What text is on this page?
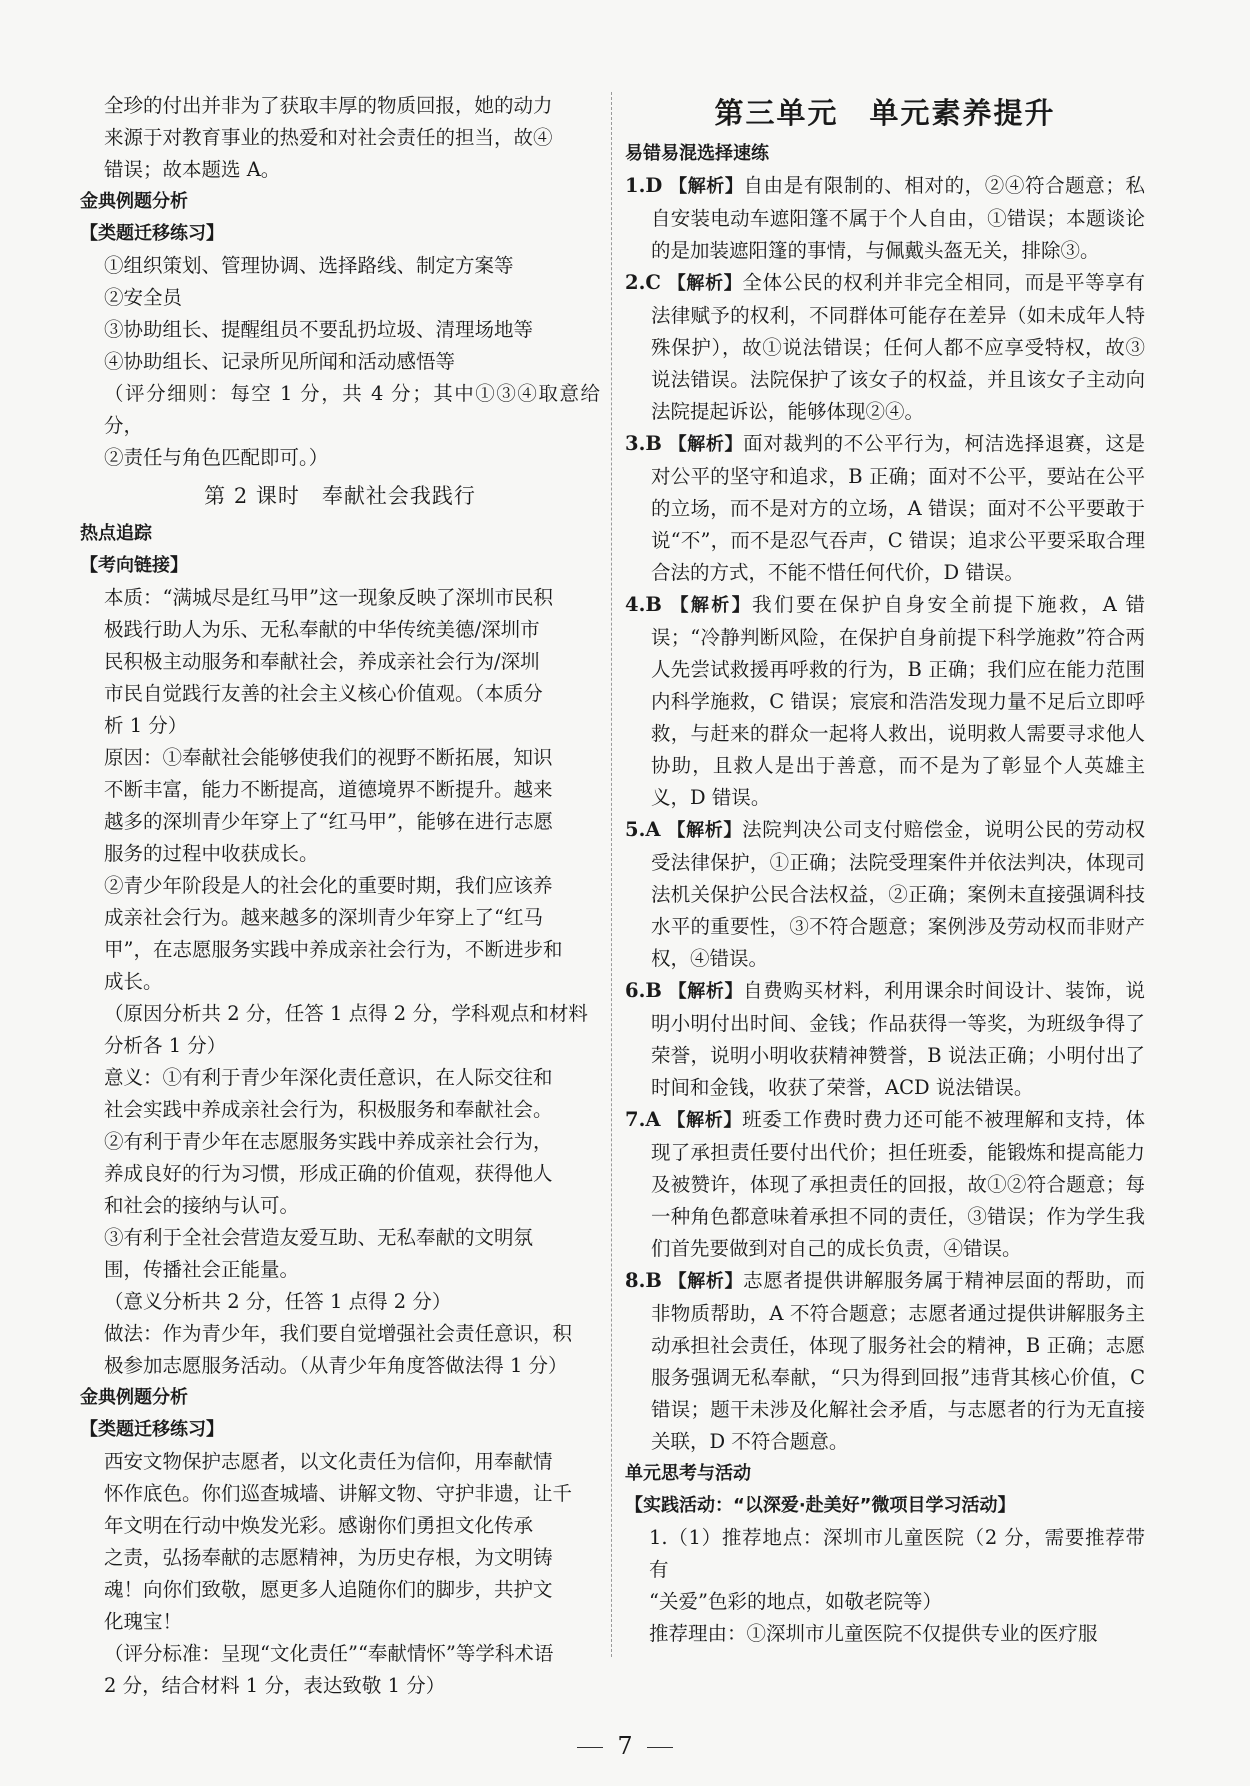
全珍的付出并非为了获取丰厚的物质回报，她的动力

来源于对教育事业的热爱和对社会责任的担当，故④

错误；故本题选 A。

金典例题分析

【类题迁移练习】

①组织策划、管理协调、选择路线、制定方案等

②安全员

③协助组长、提醒组员不要乱扔垃圾、清理场地等

④协助组长、记录所见所闻和活动感悟等

（评分细则：每空 1 分，共 4 分；其中①③④取意给分，

②责任与角色匹配即可。）

第 2 课时　奉献社会我践行

热点追踪

【考向链接】

本质：“满城尽是红马甲”这一现象反映了深圳市民积

极践行助人为乐、无私奉献的中华传统美德/深圳市

民积极主动服务和奉献社会，养成亲社会行为/深圳

市民自觉践行友善的社会主义核心价值观。（本质分

析 1 分）

原因：①奉献社会能够使我们的视野不断拓展，知识

不断丰富，能力不断提高，道德境界不断提升。越来

越多的深圳青少年穿上了“红马甲”，能够在进行志愿

服务的过程中收获成长。

②青少年阶段是人的社会化的重要时期，我们应该养

成亲社会行为。越来越多的深圳青少年穿上了“红马

甲”，在志愿服务实践中养成亲社会行为，不断进步和

成长。

（原因分析共 2 分，任答 1 点得 2 分，学科观点和材料

分析各 1 分）

意义：①有利于青少年深化责任意识，在人际交往和

社会实践中养成亲社会行为，积极服务和奉献社会。

②有利于青少年在志愿服务实践中养成亲社会行为，

养成良好的行为习惯，形成正确的价值观，获得他人

和社会的接纳与认可。

③有利于全社会营造友爱互助、无私奉献的文明氛

围，传播社会正能量。

（意义分析共 2 分，任答 1 点得 2 分）

做法：作为青少年，我们要自觉增强社会责任意识，积

极参加志愿服务活动。（从青少年角度答做法得 1 分）

金典例题分析

【类题迁移练习】

西安文物保护志愿者，以文化责任为信仰，用奉献情

怀作底色。你们巡查城墙、讲解文物、守护非遗，让千

年文明在行动中焕发光彩。感谢你们勇担文化传承

之责，弘扬奉献的志愿精神，为历史存根，为文明铸

魂！向你们致敬，愿更多人追随你们的脚步，共护文

化瑰宝！

（评分标准：呈现“文化责任”“奉献情怀”等学科术语

2 分，结合材料 1 分，表达致敬 1 分）

第三单元　单元素养提升

易错易混选择速练

1.D 【解析】自由是有限制的、相对的，②④符合题意；私自安装电动车遮阳篷不属于个人自由，①错误；本题谈论的是加装遮阳篷的事情，与佩戴头盔无关，排除③。

2.C 【解析】全体公民的权利并非完全相同，而是平等享有法律赋予的权利，不同群体可能存在差异（如未成年人特殊保护），故①说法错误；任何人都不应享受特权，故③说法错误。法院保护了该女子的权益，并且该女子主动向法院提起诉讼，能够体现②④。

3.B 【解析】面对裁判的不公平行为，柯洁选择退赛，这是对公平的坚守和追求，B 正确；面对不公平，要站在公平的立场，而不是对方的立场，A 错误；面对不公平要敢于说“不”，而不是忍气吞声，C 错误；追求公平要采取合理合法的方式，不能不惜任何代价，D 错误。

4.B 【解析】我们要在保护自身安全前提下施救，A 错误；“冷静判断风险，在保护自身前提下科学施救”符合两人先尝试救援再呼救的行为，B 正确；我们应在能力范围内科学施救，C 错误；宸宸和浩浩发现力量不足后立即呼救，与赶来的群众一起将人救出，说明救人需要寻求他人协助，且救人是出于善意，而不是为了彰显个人英雄主义，D 错误。

5.A 【解析】法院判决公司支付赔偿金，说明公民的劳动权受法律保护，①正确；法院受理案件并依法判决，体现司法机关保护公民合法权益，②正确；案例未直接强调科技水平的重要性，③不符合题意；案例涉及劳动权而非财产权，④错误。

6.B 【解析】自费购买材料，利用课余时间设计、装饰，说明小明付出时间、金钱；作品获得一等奖，为班级争得了荣誉，说明小明收获精神赞誉，B 说法正确；小明付出了时间和金钱，收获了荣誉，ACD 说法错误。

7.A 【解析】班委工作费时费力还可能不被理解和支持，体现了承担责任要付出代价；担任班委，能锻炼和提高能力及被赞许，体现了承担责任的回报，故①②符合题意；每一种角色都意味着承担不同的责任，③错误；作为学生我们首先要做到对自己的成长负责，④错误。

8.B 【解析】志愿者提供讲解服务属于精神层面的帮助，而非物质帮助，A 不符合题意；志愿者通过提供讲解服务主动承担社会责任，体现了服务社会的精神，B 正确；志愿服务强调无私奉献，“只为得到回报”违背其核心价值，C 错误；题干未涉及化解社会矛盾，与志愿者的行为无直接关联，D 不符合题意。

单元思考与活动

【实践活动：“以深爱·赴美好”微项目学习活动】

1.（1）推荐地点：深圳市儿童医院（2 分，需要推荐带有

“关爱”色彩的地点，如敬老院等）

推荐理由：①深圳市儿童医院不仅提供专业的医疗服

7
